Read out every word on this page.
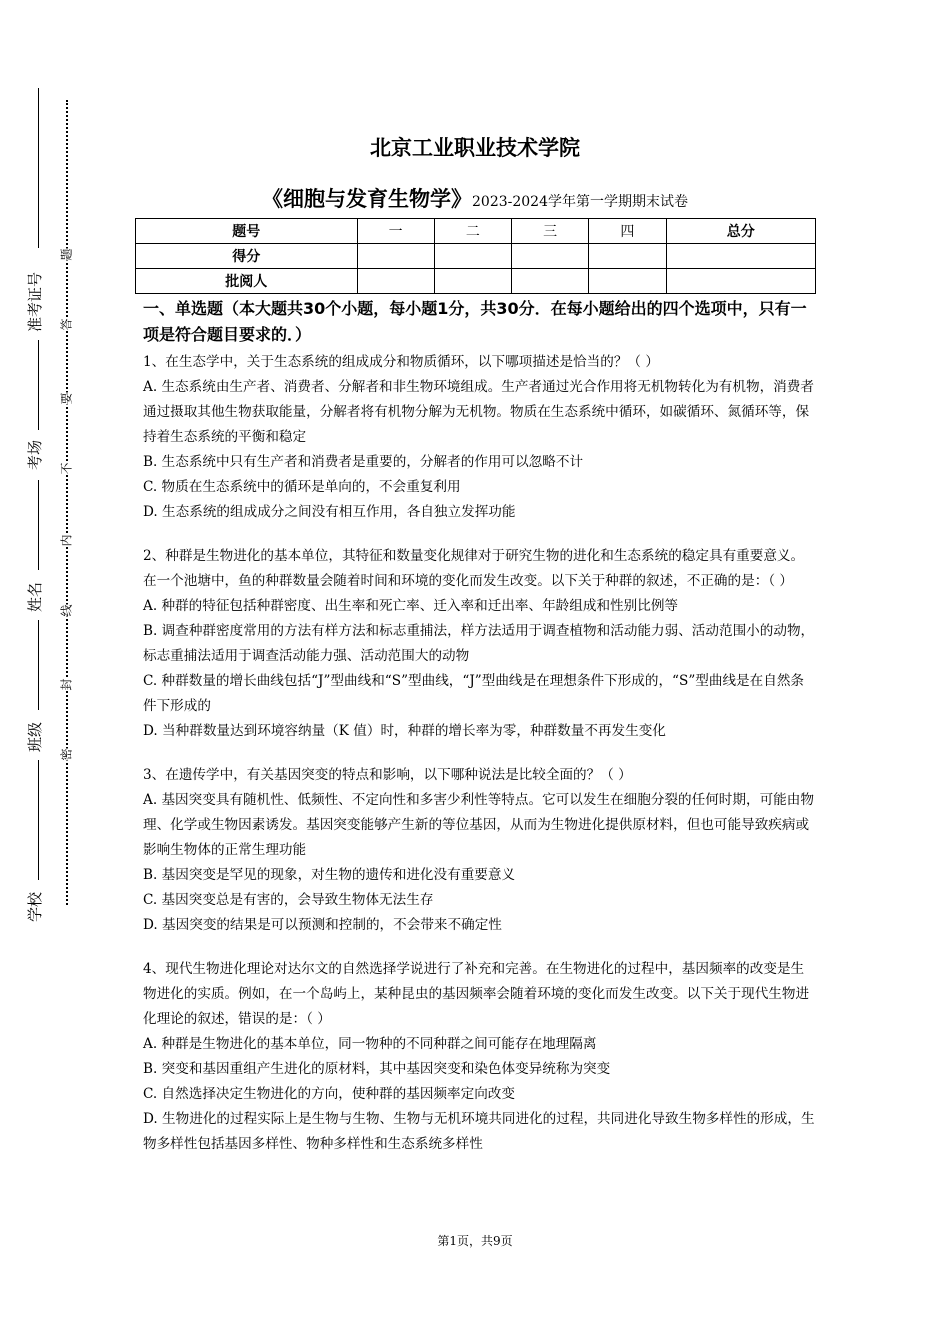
准考证号
考场
姓名
班级
学校
题
答
要
不
内
线
封
密
北京工业职业技术学院
《细胞与发育生物学》2023-2024学年第一学期期末试卷
题号	一	二	三	四	总分
得分					
批阅人					
一、单选题（本大题共30个小题，每小题1分，共30分．在每小题给出的四个选项中，只有一项是符合题目要求的．）

1、在生态学中，关于生态系统的组成成分和物质循环，以下哪项描述是恰当的？（ ）

A. 生态系统由生产者、消费者、分解者和非生物环境组成。生产者通过光合作用将无机物转化为有机物，消费者通过摄取其他生物获取能量，分解者将有机物分解为无机物。物质在生态系统中循环，如碳循环、氮循环等，保持着生态系统的平衡和稳定

B. 生态系统中只有生产者和消费者是重要的，分解者的作用可以忽略不计

C. 物质在生态系统中的循环是单向的，不会重复利用

D. 生态系统的组成成分之间没有相互作用，各自独立发挥功能

2、种群是生物进化的基本单位，其特征和数量变化规律对于研究生物的进化和生态系统的稳定具有重要意义。在一个池塘中，鱼的种群数量会随着时间和环境的变化而发生改变。以下关于种群的叙述，不正确的是：（ ）

A. 种群的特征包括种群密度、出生率和死亡率、迁入率和迁出率、年龄组成和性别比例等

B. 调查种群密度常用的方法有样方法和标志重捕法，样方法适用于调查植物和活动能力弱、活动范围小的动物，标志重捕法适用于调查活动能力强、活动范围大的动物

C. 种群数量的增长曲线包括“J”型曲线和“S”型曲线，“J”型曲线是在理想条件下形成的，“S”型曲线是在自然条件下形成的

D. 当种群数量达到环境容纳量（K 值）时，种群的增长率为零，种群数量不再发生变化

3、在遗传学中，有关基因突变的特点和影响，以下哪种说法是比较全面的？（ ）

A. 基因突变具有随机性、低频性、不定向性和多害少利性等特点。它可以发生在细胞分裂的任何时期，可能由物理、化学或生物因素诱发。基因突变能够产生新的等位基因，从而为生物进化提供原材料，但也可能导致疾病或影响生物体的正常生理功能

B. 基因突变是罕见的现象，对生物的遗传和进化没有重要意义

C. 基因突变总是有害的，会导致生物体无法生存

D. 基因突变的结果是可以预测和控制的，不会带来不确定性

4、现代生物进化理论对达尔文的自然选择学说进行了补充和完善。在生物进化的过程中，基因频率的改变是生物进化的实质。例如，在一个岛屿上，某种昆虫的基因频率会随着环境的变化而发生改变。以下关于现代生物进化理论的叙述，错误的是：（ ）

A. 种群是生物进化的基本单位，同一物种的不同种群之间可能存在地理隔离

B. 突变和基因重组产生进化的原材料，其中基因突变和染色体变异统称为突变

C. 自然选择决定生物进化的方向，使种群的基因频率定向改变

D. 生物进化的过程实际上是生物与生物、生物与无机环境共同进化的过程，共同进化导致生物多样性的形成，生物多样性包括基因多样性、物种多样性和生态系统多样性

第1页，共9页
